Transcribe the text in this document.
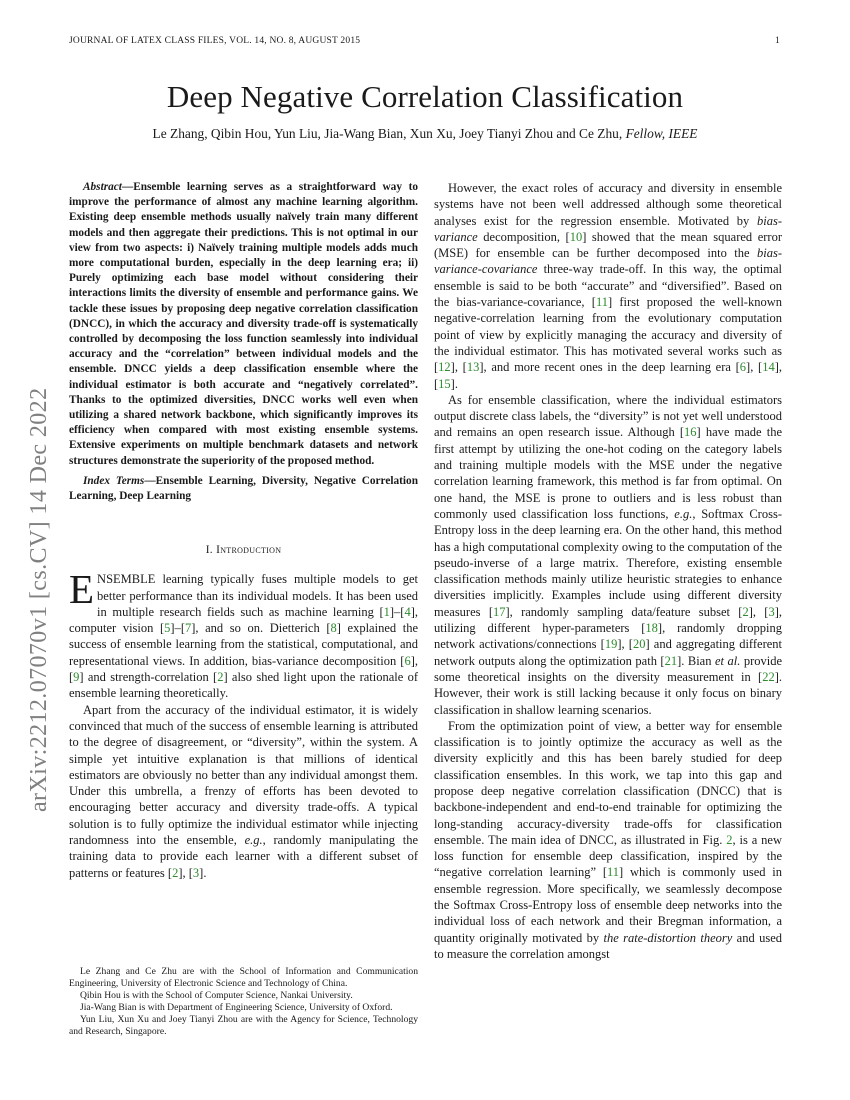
JOURNAL OF LATEX CLASS FILES, VOL. 14, NO. 8, AUGUST 2015	1
arXiv:2212.07070v1 [cs.CV] 14 Dec 2022
Deep Negative Correlation Classification
Le Zhang, Qibin Hou, Yun Liu, Jia-Wang Bian, Xun Xu, Joey Tianyi Zhou and Ce Zhu, Fellow, IEEE

Abstract—Ensemble learning serves as a straightforward way to improve the performance of almost any machine learning algorithm. Existing deep ensemble methods usually naïvely train many different models and then aggregate their predictions. This is not optimal in our view from two aspects: i) Naïvely training multiple models adds much more computational burden, especially in the deep learning era; ii) Purely optimizing each base model without considering their interactions limits the diversity of ensemble and performance gains. We tackle these issues by proposing deep negative correlation classification (DNCC), in which the accuracy and diversity trade-off is systematically controlled by decomposing the loss function seamlessly into individual accuracy and the “correlation” between individual models and the ensemble. DNCC yields a deep classification ensemble where the individual estimator is both accurate and “negatively correlated”. Thanks to the optimized diversities, DNCC works well even when utilizing a shared network backbone, which significantly improves its efficiency when compared with most existing ensemble systems. Extensive experiments on multiple benchmark datasets and network structures demonstrate the superiority of the proposed method.

Index Terms—Ensemble Learning, Diversity, Negative Correlation Learning, Deep Learning

I. Introduction

ENSEMBLE learning typically fuses multiple models to get better performance than its individual models. It has been used in multiple research fields such as machine learning [1]–[4], computer vision [5]–[7], and so on. Dietterich [8] explained the success of ensemble learning from the statistical, computational, and representational views. In addition, bias-variance decomposition [6], [9] and strength-correlation [2] also shed light upon the rationale of ensemble learning theoretically.

Apart from the accuracy of the individual estimator, it is widely convinced that much of the success of ensemble learning is attributed to the degree of disagreement, or “diversity”, within the system. A simple yet intuitive explanation is that millions of identical estimators are obviously no better than any individual amongst them. Under this umbrella, a frenzy of efforts has been devoted to encouraging better accuracy and diversity trade-offs. A typical solution is to fully optimize the individual estimator while injecting randomness into the ensemble, e.g., randomly manipulating the training data to provide each learner with a different subset of patterns or features [2], [3].

Le Zhang and Ce Zhu are with the School of Information and Communication Engineering, University of Electronic Science and Technology of China.

Qibin Hou is with the School of Computer Science, Nankai University.

Jia-Wang Bian is with Department of Engineering Science, University of Oxford.

Yun Liu, Xun Xu and Joey Tianyi Zhou are with the Agency for Science, Technology and Research, Singapore.

However, the exact roles of accuracy and diversity in ensemble systems have not been well addressed although some theoretical analyses exist for the regression ensemble. Motivated by bias-variance decomposition, [10] showed that the mean squared error (MSE) for ensemble can be further decomposed into the bias-variance-covariance three-way trade-off. In this way, the optimal ensemble is said to be both “accurate” and “diversified”. Based on the bias-variance-covariance, [11] first proposed the well-known negative-correlation learning from the evolutionary computation point of view by explicitly managing the accuracy and diversity of the individual estimator. This has motivated several works such as [12], [13], and more recent ones in the deep learning era [6], [14], [15].

As for ensemble classification, where the individual estimators output discrete class labels, the “diversity” is not yet well understood and remains an open research issue. Although [16] have made the first attempt by utilizing the one-hot coding on the category labels and training multiple models with the MSE under the negative correlation learning framework, this method is far from optimal. On one hand, the MSE is prone to outliers and is less robust than commonly used classification loss functions, e.g., Softmax Cross-Entropy loss in the deep learning era. On the other hand, this method has a high computational complexity owing to the computation of the pseudo-inverse of a large matrix. Therefore, existing ensemble classification methods mainly utilize heuristic strategies to enhance diversities implicitly. Examples include using different diversity measures [17], randomly sampling data/feature subset [2], [3], utilizing different hyper-parameters [18], randomly dropping network activations/connections [19], [20] and aggregating different network outputs along the optimization path [21]. Bian et al. provide some theoretical insights on the diversity measurement in [22]. However, their work is still lacking because it only focus on binary classification in shallow learning scenarios.

From the optimization point of view, a better way for ensemble classification is to jointly optimize the accuracy as well as the diversity explicitly and this has been barely studied for deep classification ensembles. In this work, we tap into this gap and propose deep negative correlation classification (DNCC) that is backbone-independent and end-to-end trainable for optimizing the long-standing accuracy-diversity trade-offs for classification ensemble. The main idea of DNCC, as illustrated in Fig. 2, is a new loss function for ensemble deep classification, inspired by the “negative correlation learning” [11] which is commonly used in ensemble regression. More specifically, we seamlessly decompose the Softmax Cross-Entropy loss of ensemble deep networks into the individual loss of each network and their Bregman information, a quantity originally motivated by the rate-distortion theory and used to measure the correlation amongst
